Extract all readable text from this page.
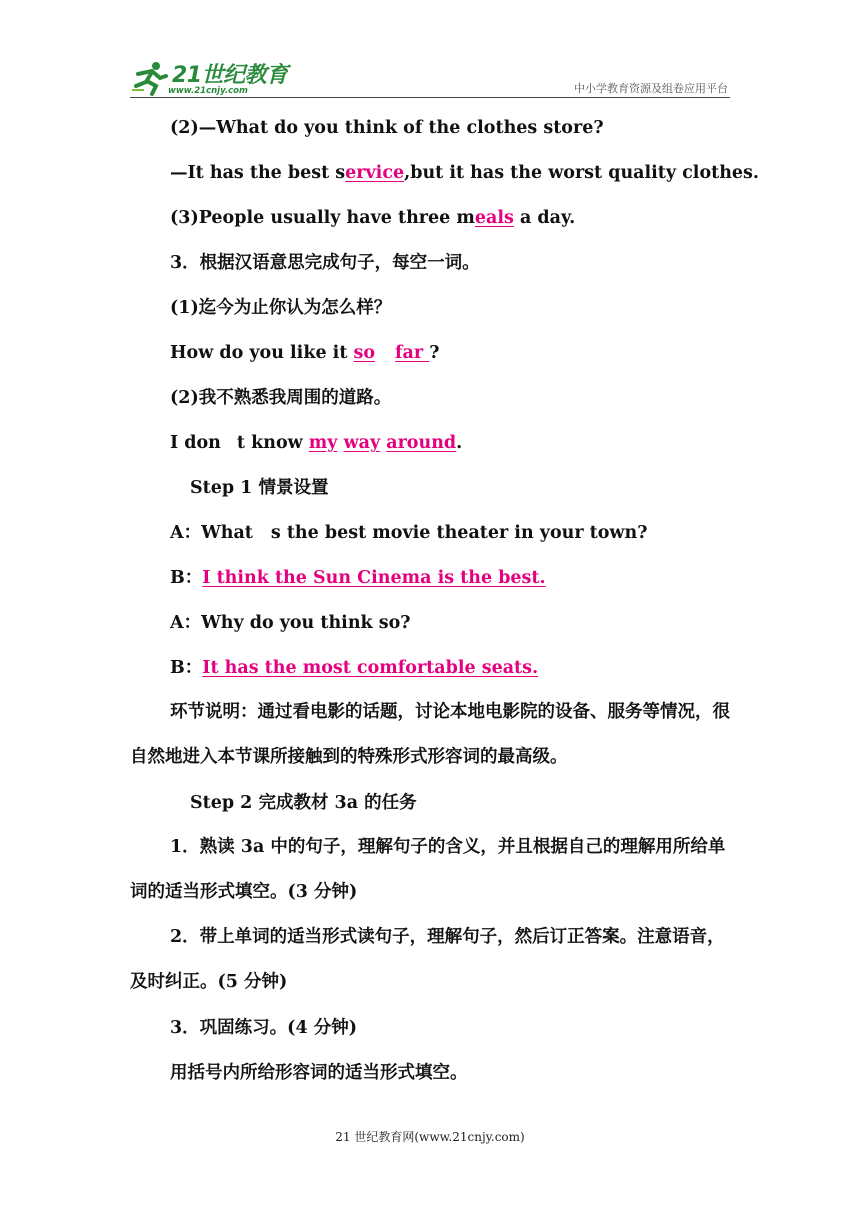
21世纪教育
www.21cnjy.com	中小学教育资源及组卷应用平台
(2)—What do you think of the clothes store?
—It has the best service,but it has the worst quality clothes.
(3)People usually have three meals a day.
3．根据汉语意思完成句子，每空一词。
(1)迄今为止你认为怎么样？
How do you like it so far ?
(2)我不熟悉我周围的道路。
I don t know my way around.
Step 1 情景设置
A：What s the best movie theater in your town?
B：I think the Sun Cinema is the best.
A：Why do you think so?
B：It has the most comfortable seats.
环节说明：通过看电影的话题，讨论本地电影院的设备、服务等情况，很自然地进入本节课所接触到的特殊形式形容词的最高级。
Step 2 完成教材 3a 的任务
1．熟读 3a 中的句子，理解句子的含义，并且根据自己的理解用所给单词的适当形式填空。(3 分钟)
2．带上单词的适当形式读句子，理解句子，然后订正答案。注意语音，及时纠正。(5 分钟)
3．巩固练习。(4 分钟)
用括号内所给形容词的适当形式填空。
21 世纪教育网(www.21cnjy.com)
